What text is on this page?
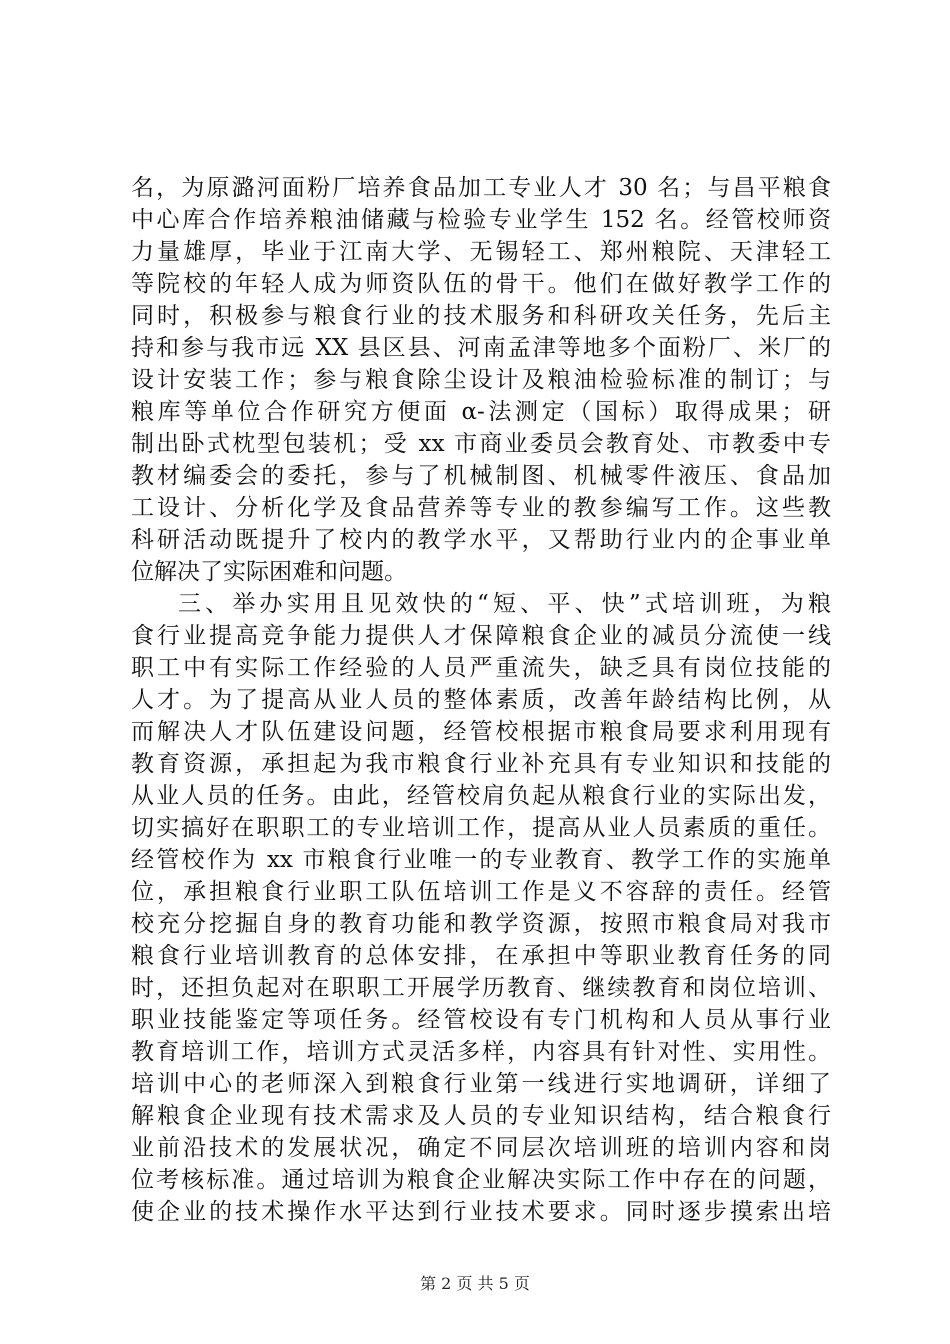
名，为原潞河面粉厂培养食品加工专业人才 30 名；与昌平粮食
中心库合作培养粮油储藏与检验专业学生 152 名。经管校师资
力量雄厚，毕业于江南大学、无锡轻工、郑州粮院、天津轻工
等院校的年轻人成为师资队伍的骨干。他们在做好教学工作的
同时，积极参与粮食行业的技术服务和科研攻关任务，先后主
持和参与我市远 XX 县区县、河南孟津等地多个面粉厂、米厂的
设计安装工作；参与粮食除尘设计及粮油检验标准的制订；与
粮库等单位合作研究方便面 α-法测定（国标）取得成果；研
制出卧式枕型包装机；受 xx 市商业委员会教育处、市教委中专
教材编委会的委托，参与了机械制图、机械零件液压、食品加
工设计、分析化学及食品营养等专业的教参编写工作。这些教
科研活动既提升了校内的教学水平，又帮助行业内的企事业单
位解决了实际困难和问题。
三、举办实用且见效快的“短、平、快”式培训班，为粮
食行业提高竞争能力提供人才保障粮食企业的减员分流使一线
职工中有实际工作经验的人员严重流失，缺乏具有岗位技能的
人才。为了提高从业人员的整体素质，改善年龄结构比例，从
而解决人才队伍建设问题，经管校根据市粮食局要求利用现有
教育资源，承担起为我市粮食行业补充具有专业知识和技能的
从业人员的任务。由此，经管校肩负起从粮食行业的实际出发，
切实搞好在职职工的专业培训工作，提高从业人员素质的重任。
经管校作为 xx 市粮食行业唯一的专业教育、教学工作的实施单
位，承担粮食行业职工队伍培训工作是义不容辞的责任。经管
校充分挖掘自身的教育功能和教学资源，按照市粮食局对我市
粮食行业培训教育的总体安排，在承担中等职业教育任务的同
时，还担负起对在职职工开展学历教育、继续教育和岗位培训、
职业技能鉴定等项任务。经管校设有专门机构和人员从事行业
教育培训工作，培训方式灵活多样，内容具有针对性、实用性。
培训中心的老师深入到粮食行业第一线进行实地调研，详细了
解粮食企业现有技术需求及人员的专业知识结构，结合粮食行
业前沿技术的发展状况，确定不同层次培训班的培训内容和岗
位考核标准。通过培训为粮食企业解决实际工作中存在的问题，
使企业的技术操作水平达到行业技术要求。同时逐步摸索出培
第 2 页 共 5 页
